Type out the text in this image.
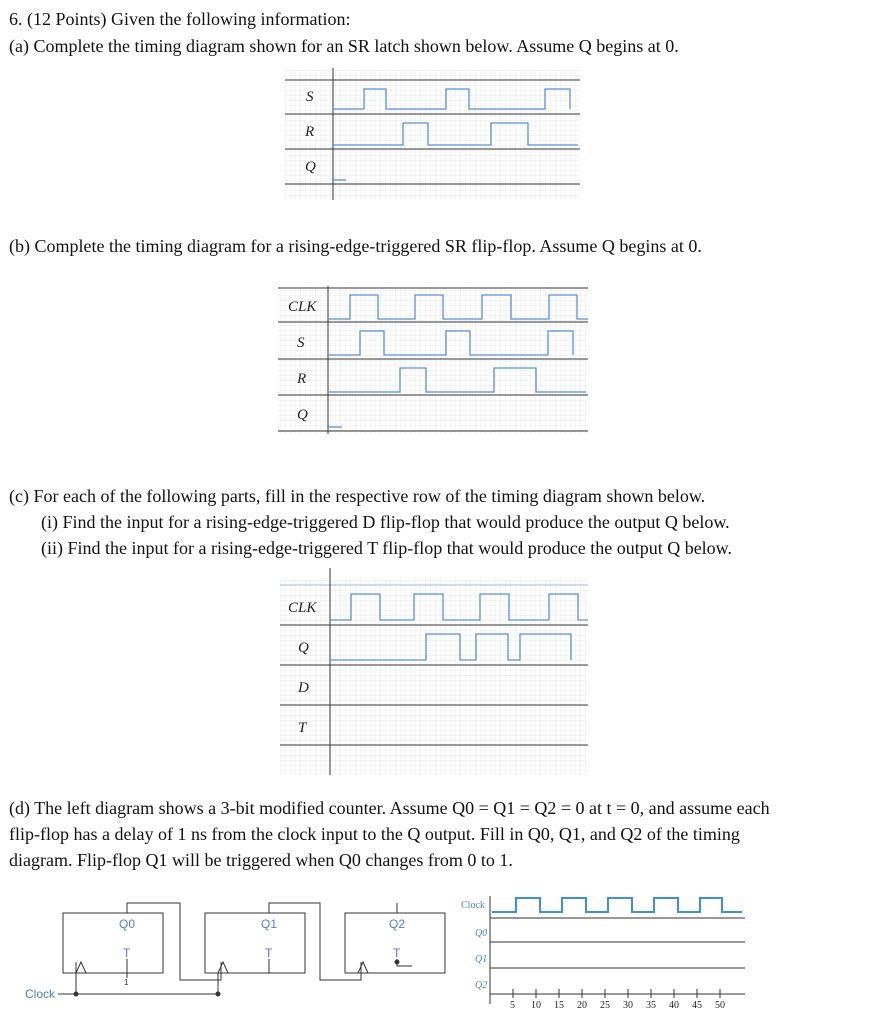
6. (12 Points) Given the following information:
(a) Complete the timing diagram shown for an SR latch shown below. Assume Q begins at 0.
(b) Complete the timing diagram for a rising-edge-triggered SR flip-flop. Assume Q begins at 0.
(c) For each of the following parts, fill in the respective row of the timing diagram shown below.
(i) Find the input for a rising-edge-triggered D flip-flop that would produce the output Q below.
(ii) Find the input for a rising-edge-triggered T flip-flop that would produce the output Q below.
(d) The left diagram shows a 3-bit modified counter. Assume Q0 = Q1 = Q2 = 0 at t = 0, and assume each
flip-flop has a delay of 1 ns from the clock input to the Q output. Fill in Q0, Q1, and Q2 of the timing
diagram. Flip-flop Q1 will be triggered when Q0 changes from 0 to 1.
S
R
Q
CLK
S
R
Q
CLK
Q
D
T
Q0
T
Q1
T
Q2
T
Clock
1
Clock
Q0
Q1
Q2
5 10 15 20 25 30 35 40 45 50
